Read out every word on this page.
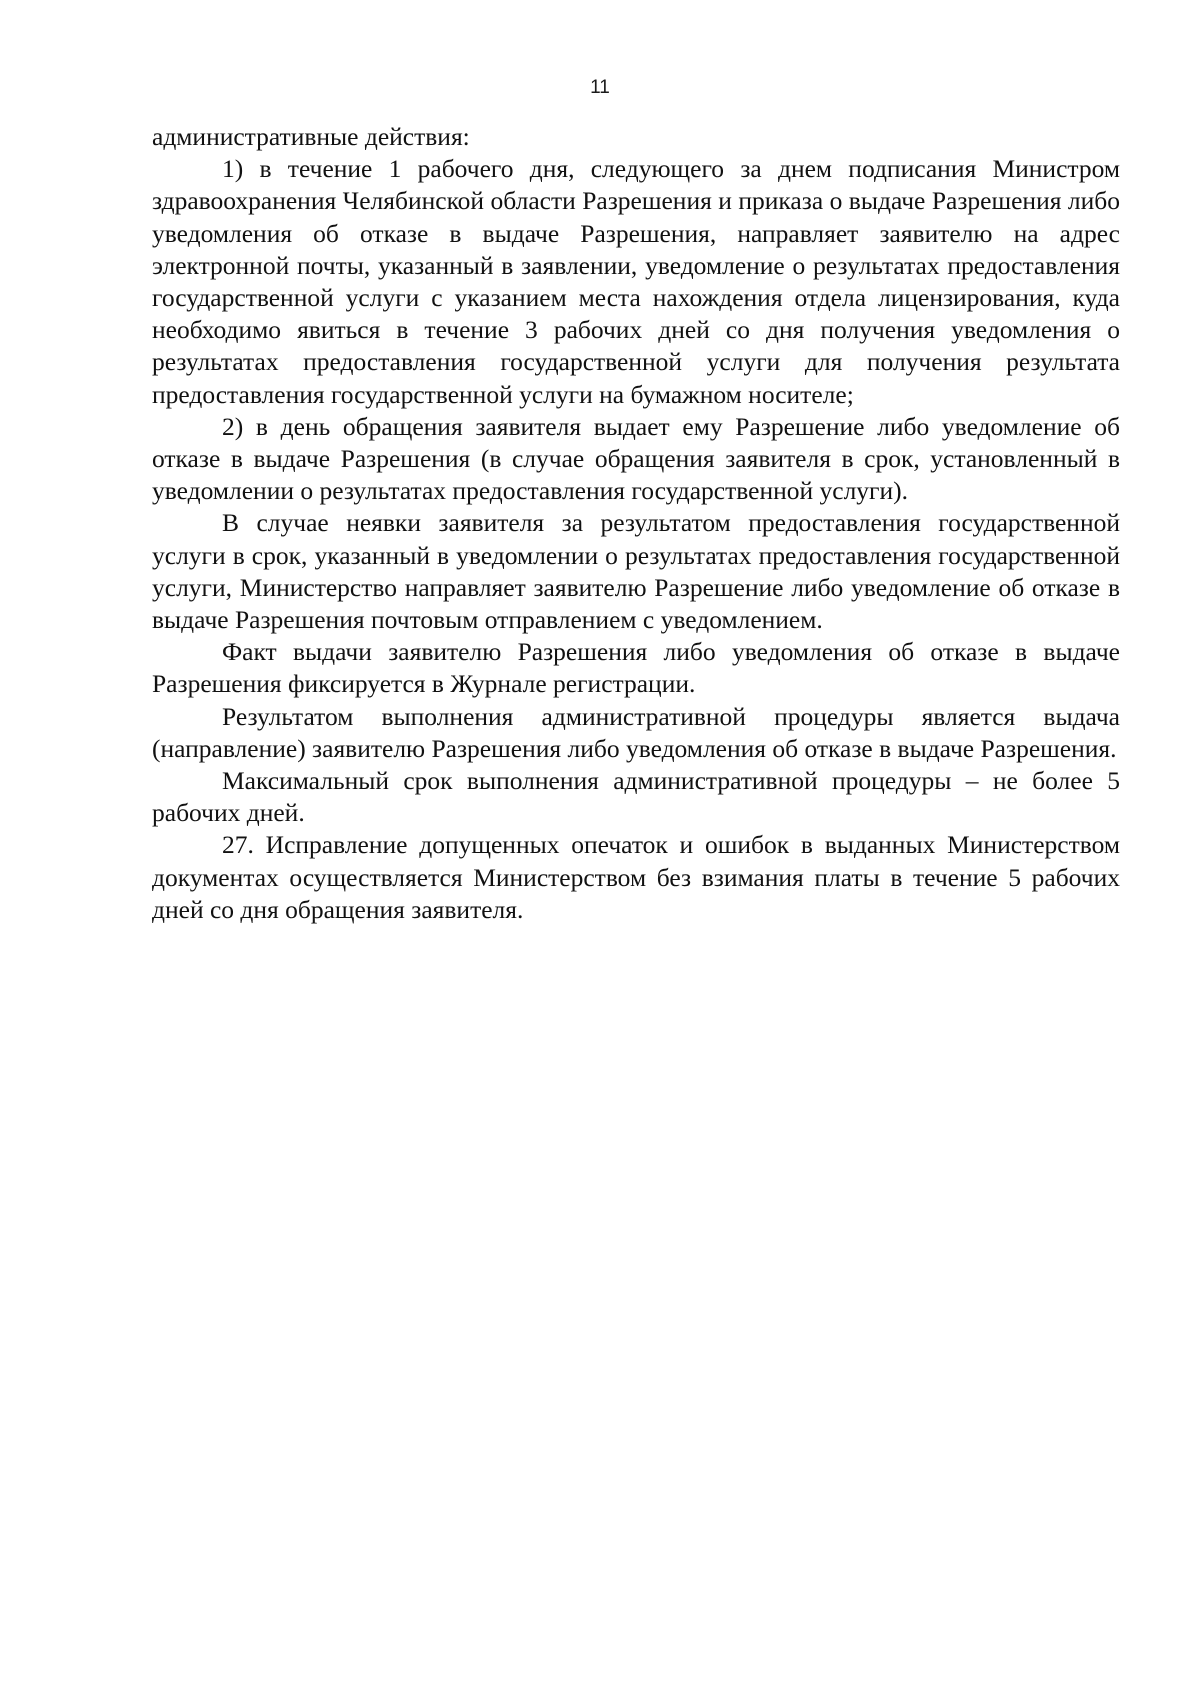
11

административные действия:

1) в течение 1 рабочего дня, следующего за днем подписания Министром здравоохранения Челябинской области Разрешения и приказа о выдаче Разрешения либо уведомления об отказе в выдаче Разрешения, направляет заявителю на адрес электронной почты, указанный в заявлении, уведомление о результатах предоставления государственной услуги с указанием места нахождения отдела лицензирования, куда необходимо явиться в течение 3 рабочих дней со дня получения уведомления о результатах предоставления государственной услуги для получения результата предоставления государственной услуги на бумажном носителе;

2) в день обращения заявителя выдает ему Разрешение либо уведомление об отказе в выдаче Разрешения (в случае обращения заявителя в срок, установленный в уведомлении о результатах предоставления государственной услуги).

В случае неявки заявителя за результатом предоставления государственной услуги в срок, указанный в уведомлении о результатах предоставления государственной услуги, Министерство направляет заявителю Разрешение либо уведомление об отказе в выдаче Разрешения почтовым отправлением с уведомлением.

Факт выдачи заявителю Разрешения либо уведомления об отказе в выдаче Разрешения фиксируется в Журнале регистрации.

Результатом выполнения административной процедуры является выдача (направление) заявителю Разрешения либо уведомления об отказе в выдаче Разрешения.

Максимальный срок выполнения административной процедуры – не более 5 рабочих дней.

27. Исправление допущенных опечаток и ошибок в выданных Министерством документах осуществляется Министерством без взимания платы в течение 5 рабочих дней со дня обращения заявителя.
